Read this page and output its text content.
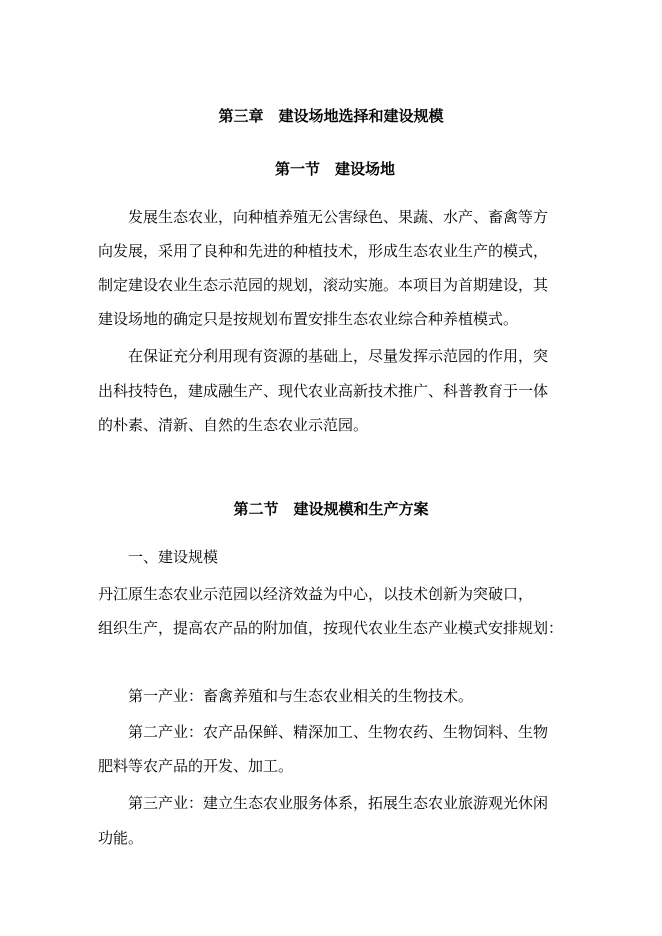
第三章　建设场地选择和建设规模
第一节　建设场地
发展生态农业，向种植养殖无公害绿色、果蔬、水产、畜禽等方
向发展，采用了良种和先进的种植技术，形成生态农业生产的模式，
制定建设农业生态示范园的规划，滚动实施。本项目为首期建设，其
建设场地的确定只是按规划布置安排生态农业综合种养植模式。
在保证充分利用现有资源的基础上，尽量发挥示范园的作用，突
出科技特色，建成融生产、现代农业高新技术推广、科普教育于一体
的朴素、清新、自然的生态农业示范园。
第二节　建设规模和生产方案
一、建设规模
丹江原生态农业示范园以经济效益为中心，以技术创新为突破口，
组织生产，提高农产品的附加值，按现代农业生态产业模式安排规划：
第一产业：畜禽养殖和与生态农业相关的生物技术。
第二产业：农产品保鲜、精深加工、生物农药、生物饲料、生物
肥料等农产品的开发、加工。
第三产业：建立生态农业服务体系，拓展生态农业旅游观光休闲
功能。
